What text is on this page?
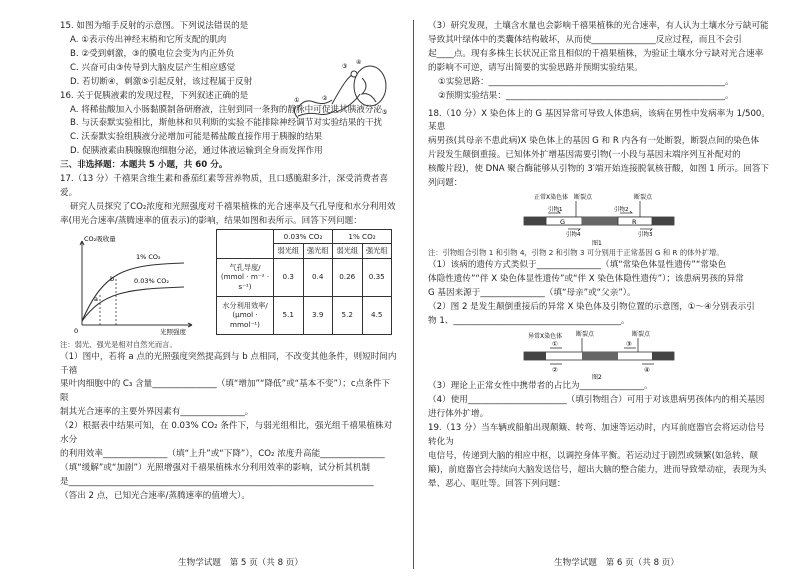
15. 如图为缩手反射的示意图。下列说法错误的是

A. ①表示传出神经末梢和它所支配的肌肉

B. ②受到刺激，③的膜电位会变为内正外负

C. 兴奋可由③传导到大脑皮层产生相应感觉

D. 若切断④，刺激⑤引起反射，该过程属于反射

③
④
②
①
⑤

16. 关于促胰液素的发现过程，下列叙述正确的是

A. 将稀盐酸加入小肠黏膜制备研磨液，注射到同一条狗的静脉中可促进其胰液分泌

B. 与沃泰默实验相比，斯他林和贝利斯的实验不能排除神经调节对实验结果的干扰

C. 沃泰默实验组胰液分泌增加可能是稀盐酸直接作用于胰腺的结果

D. 促胰液素由胰腺腺泡细胞分泌，通过体液运输到全身而发挥作用

三、非选择题：本题共 5 小题，共 60 分。

17.（13 分）千禧果含维生素和番茄红素等营养物质，且口感脆甜多汁，深受消费者喜爱。

研究人员探究了CO₂浓度和光照强度对千禧果植株的光合速率及气孔导度和水分利用效

率(用光合速率/蒸腾速率的值表示)的影响，结果如图和表所示。回答下列问题：

CO₂吸收量
光照强度
1% CO₂
0.03% CO₂
a
b
0
	0.03% CO₂		1% CO₂	
	弱光组	强光组	弱光组	强光组
气孔导度/
(mmol · m⁻² · s⁻¹)	0.3	0.4	0.26	0.35
水分利用效率/
(μmol · mmol⁻¹)	5.1	3.9	5.2	4.5

注：弱光、强光是相对自然光而言。

（1）图中，若将 a 点的光照强度突然提高到与 b 点相同，不改变其他条件，则短时间内千禧

果叶肉细胞中的 C₃ 含量_______________（填“增加”“降低”或“基本不变”）；c点条件下限

制其光合速率的主要外界因素有_______________。

（2）根据表中结果可知，在 0.03% CO₂ 条件下，与弱光组相比，强光组千禧果植株对水分

的利用效率_______________（填“上升”或“下降”），CO₂ 浓度升高能_______________

（填“缓解”或“加剧”）光照增强对千禧果植株水分利用效率的影响，试分析其机制

是_______________________________________________________________________

（答出 2 点，已知光合速率/蒸腾速率的值增大）。

生物学试题　第 5 页（共 8 页）

（3）研究发现，土壤含水量也会影响千禧果植株的光合速率，有人认为土壤水分亏缺可能

导致其叶绿体中的类囊体结构破坏，从而使_______________反应过程，而且不会引

起____点。现有多株生长状况正常且相似的千禧果植株，为验证土壤水分亏缺对光合速率

的影响不可逆，请写出简要的实验思路并预期实验结果。

①实验思路：_______________________________________________________。

②预期实验结果：___________________________________________________。

18.（10 分）X 染色体上的 G 基因异常可导致人体患病，该病在男性中发病率为 1/500。某患

病男孩(其母亲不患此病)X 染色体上的基因 G 和 R 内各有一处断裂，断裂点间的染色体

片段发生颠倒重接。已知体外扩增基因需要引物(一小段与基因末端序列互补配对的

核酸片段)，使 DNA 聚合酶能够从引物的 3′端开始连接脱氧核苷酸，如图 1 所示。回答下

列问题：

正常X染色体 断裂点	断裂点
G	R
引物1
引物4
引物2
引物3
图1

注：引物组合引物 1 和引物 4，引物 2 和引物 3 可分别用于正常基因 G 和 R 的体外扩增。

（1）该病的遗传方式类似于_______________（填“常染色体显性遗传”“常染色

体隐性遗传”“伴 X 染色体显性遗传”或“伴 X 染色体隐性遗传”）；该患病男孩的异常

G 基因来源于_______________（填“母亲”或“父亲”）。

（2）图 2 是发生颠倒重接后的异常 X 染色体及引物位置的示意图，①～④分别表示引

物 1、_______________________________________。

异常X染色体 断裂点	断裂点
①
②
③
④
图2

（3）理论上正常女性中携带者的占比为_______________。

（4）使用_______________________（填引物组合）可用于对该患病男孩体内的相关基因

进行体外扩增。

19.（13 分）当车辆或船舶出现颠簸、转弯、加速等运动时，内耳前庭器官会将运动信号转化为

电信号，传递到大脑的相应中枢，以调控身体平衡。若运动过于剧烈或频繁(如急转、颠

簸)，前庭器官会持续向大脑发送信号，超出大脑的整合能力，进而导致晕动症，表现为头

晕、恶心、呕吐等。回答下列问题：

生物学试题　第 6 页（共 8 页）
